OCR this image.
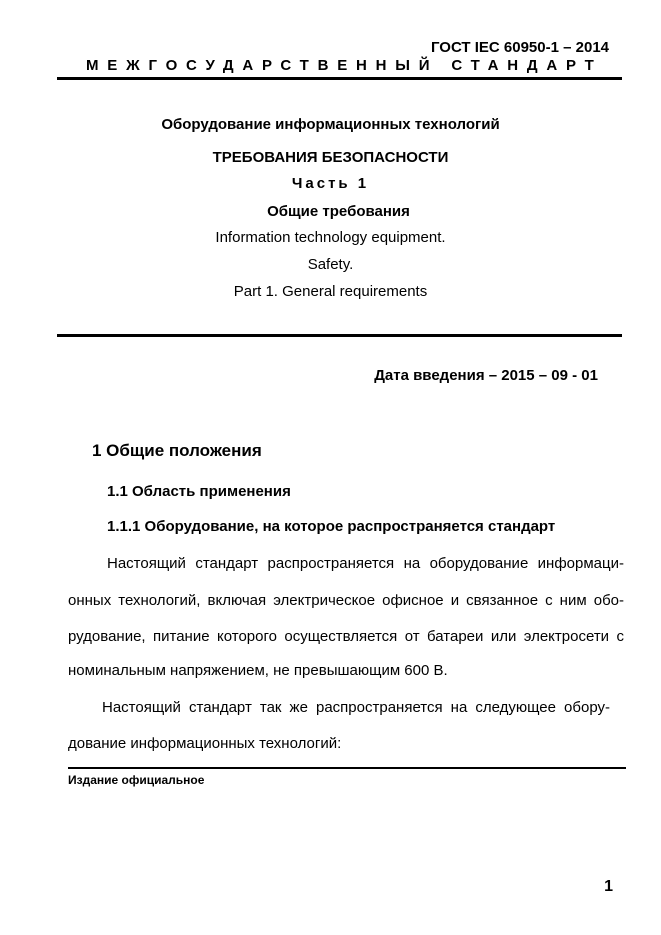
ГОСТ IEC 60950-1 – 2014
МЕЖГОСУДАРСТВЕННЫЙ СТАНДАРТ
Оборудование информационных технологий
ТРЕБОВАНИЯ БЕЗОПАСНОСТИ
Часть 1
Общие требования
Information technology equipment.
Safety.
Part 1. General requirements
Дата введения – 2015 – 09 - 01
1 Общие положения
1.1 Область применения
1.1.1 Оборудование, на которое распространяется стандарт
Настоящий стандарт распространяется на оборудование информаци-
онных технологий, включая электрическое офисное и связанное с ним обо-
рудование, питание которого осуществляется от батареи или электросети с
номинальным напряжением, не превышающим 600 В.
Настоящий стандарт так же распространяется на следующее обору-
дование информационных технологий:
Издание официальное
1
